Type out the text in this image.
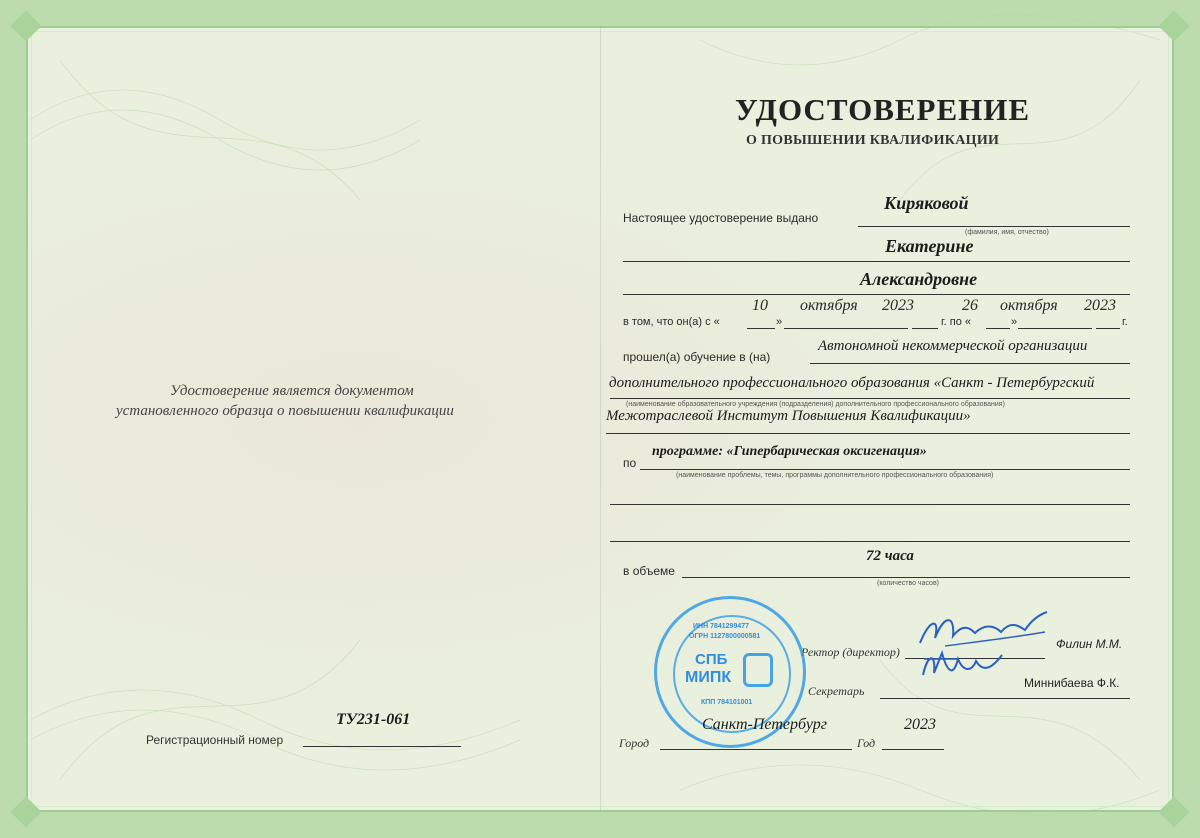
Удостоверение является документом
установленного образца о повышении квалификации
Регистрационный номер
ТУ231-061
УДОСТОВЕРЕНИЕ
О ПОВЫШЕНИИ КВАЛИФИКАЦИИ
Настоящее удостоверение выдано
Киряковой
(фамилия, имя, отчество)
Екатерине
Александровне
в том, что он(а) с «	»	г. по «	»	г.
10 октября 2023	26 октября 2023
прошел(а) обучение в (на)
Автономной некоммерческой организации
дополнительного профессионального образования «Санкт - Петербургский
(наименование образовательного учреждения (подразделения) дополнительного профессионального образования)
Межотраслевой Институт Повышения Квалификации»
по
программе: «Гипербарическая оксигенация»
(наименование проблемы, темы, программы дополнительного профессионального образования)
в объеме
72 часа
(количество часов)
Ректор (директор)
Филин М.М.
Секретарь
Миннибаева Ф.К.
ИНН 7841299477
ОГРН 1127800000581
СПБ
МИПК
КПП 784101001
Город
Санкт-Петербург
Год
2023
